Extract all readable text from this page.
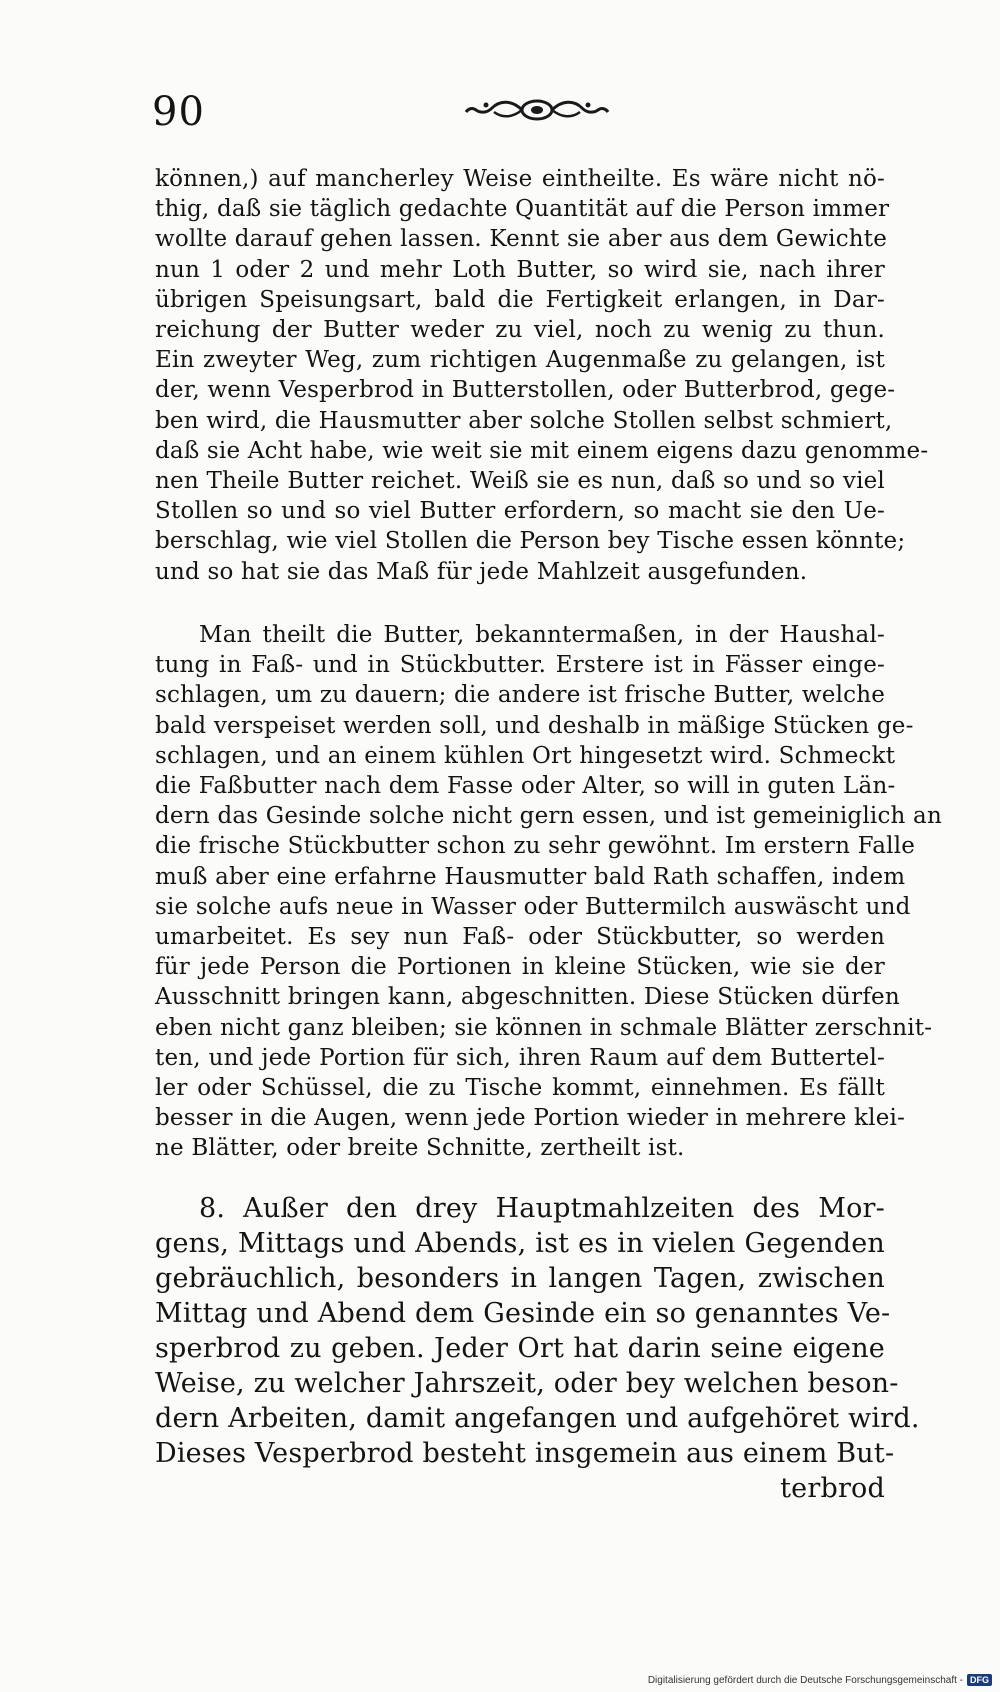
90
können,) auf mancherley Weise eintheilte. Es wäre nicht nö-
thig, daß sie täglich gedachte Quantität auf die Person immer
wollte darauf gehen lassen. Kennt sie aber aus dem Gewichte
nun 1 oder 2 und mehr Loth Butter, so wird sie, nach ihrer
übrigen Speisungsart, bald die Fertigkeit erlangen, in Dar-
reichung der Butter weder zu viel, noch zu wenig zu thun.
Ein zweyter Weg, zum richtigen Augenmaße zu gelangen, ist
der, wenn Vesperbrod in Butterstollen, oder Butterbrod, gege-
ben wird, die Hausmutter aber solche Stollen selbst schmiert,
daß sie Acht habe, wie weit sie mit einem eigens dazu genomme-
nen Theile Butter reichet. Weiß sie es nun, daß so und so viel
Stollen so und so viel Butter erfordern, so macht sie den Ue-
berschlag, wie viel Stollen die Person bey Tische essen könnte;
und so hat sie das Maß für jede Mahlzeit ausgefunden.
Man theilt die Butter, bekanntermaßen, in der Haushal-
tung in Faß- und in Stückbutter. Erstere ist in Fässer einge-
schlagen, um zu dauern; die andere ist frische Butter, welche
bald verspeiset werden soll, und deshalb in mäßige Stücken ge-
schlagen, und an einem kühlen Ort hingesetzt wird. Schmeckt
die Faßbutter nach dem Fasse oder Alter, so will in guten Län-
dern das Gesinde solche nicht gern essen, und ist gemeiniglich an
die frische Stückbutter schon zu sehr gewöhnt. Im erstern Falle
muß aber eine erfahrne Hausmutter bald Rath schaffen, indem
sie solche aufs neue in Wasser oder Buttermilch auswäscht und
umarbeitet. Es sey nun Faß- oder Stückbutter, so werden
für jede Person die Portionen in kleine Stücken, wie sie der
Ausschnitt bringen kann, abgeschnitten. Diese Stücken dürfen
eben nicht ganz bleiben; sie können in schmale Blätter zerschnit-
ten, und jede Portion für sich, ihren Raum auf dem Buttertel-
ler oder Schüssel, die zu Tische kommt, einnehmen. Es fällt
besser in die Augen, wenn jede Portion wieder in mehrere klei-
ne Blätter, oder breite Schnitte, zertheilt ist.
8. Außer den drey Hauptmahlzeiten des Mor-
gens, Mittags und Abends, ist es in vielen Gegenden
gebräuchlich, besonders in langen Tagen, zwischen
Mittag und Abend dem Gesinde ein so genanntes Ve-
sperbrod zu geben. Jeder Ort hat darin seine eigene
Weise, zu welcher Jahrszeit, oder bey welchen beson-
dern Arbeiten, damit angefangen und aufgehöret wird.
Dieses Vesperbrod besteht insgemein aus einem But-
terbrod
Digitalisierung gefördert durch die Deutsche Forschungsgemeinschaft - DFG
